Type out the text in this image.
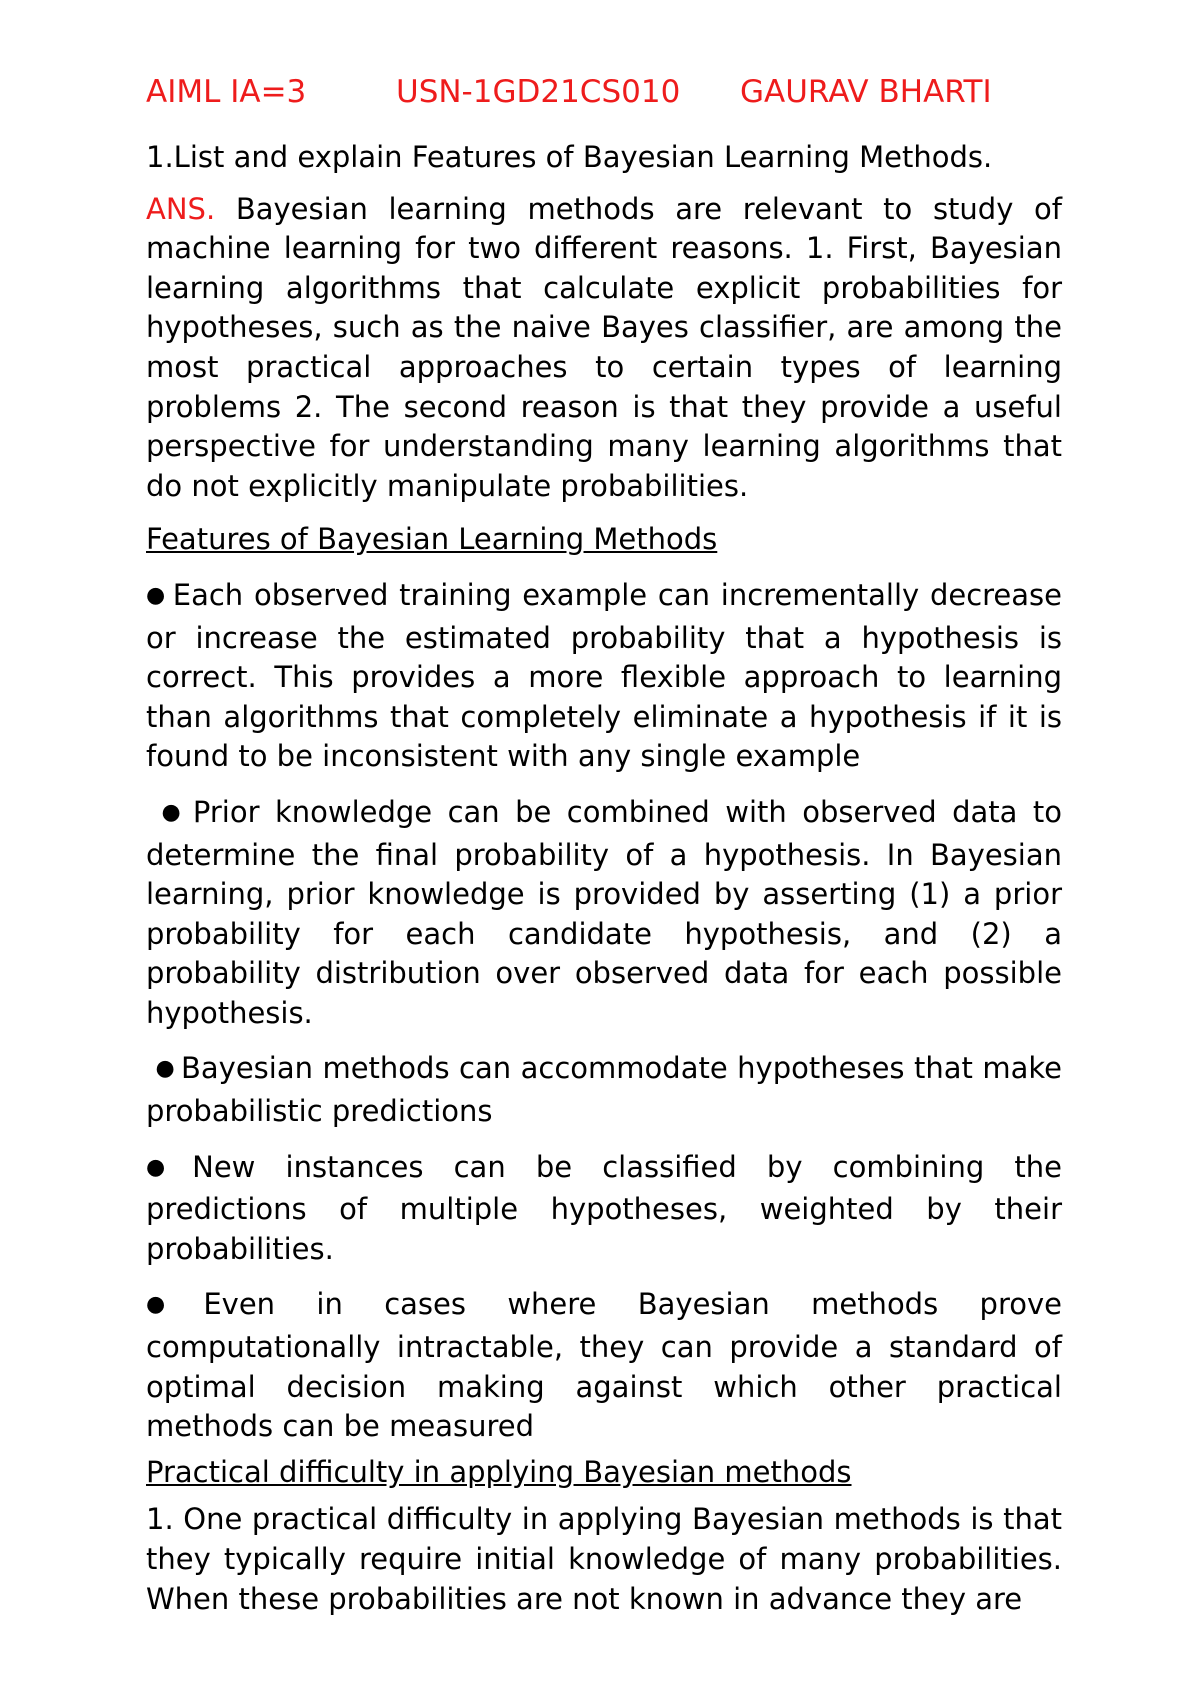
AIML IA=3	USN-1GD21CS010	GAURAV BHARTI

1.List and explain Features of Bayesian Learning Methods.

ANS. Bayesian learning methods are relevant to study of machine learning for two different reasons. 1. First, Bayesian learning algorithms that calculate explicit probabilities for hypotheses, such as the naive Bayes classifier, are among the most practical approaches to certain types of learning problems 2. The second reason is that they provide a useful perspective for understanding many learning algorithms that do not explicitly manipulate probabilities.

Features of Bayesian Learning Methods

● Each observed training example can incrementally decrease or increase the estimated probability that a hypothesis is correct. This provides a more flexible approach to learning than algorithms that completely eliminate a hypothesis if it is found to be inconsistent with any single example

● Prior knowledge can be combined with observed data to determine the final probability of a hypothesis. In Bayesian learning, prior knowledge is provided by asserting (1) a prior probability for each candidate hypothesis, and (2) a probability distribution over observed data for each possible hypothesis.

● Bayesian methods can accommodate hypotheses that make probabilistic predictions

● New instances can be classified by combining the predictions of multiple hypotheses, weighted by their probabilities.

● Even in cases where Bayesian methods prove computationally intractable, they can provide a standard of optimal decision making against which other practical methods can be measured

Practical difficulty in applying Bayesian methods

1. One practical difficulty in applying Bayesian methods is that they typically require initial knowledge of many probabilities. When these probabilities are not known in advance they are
